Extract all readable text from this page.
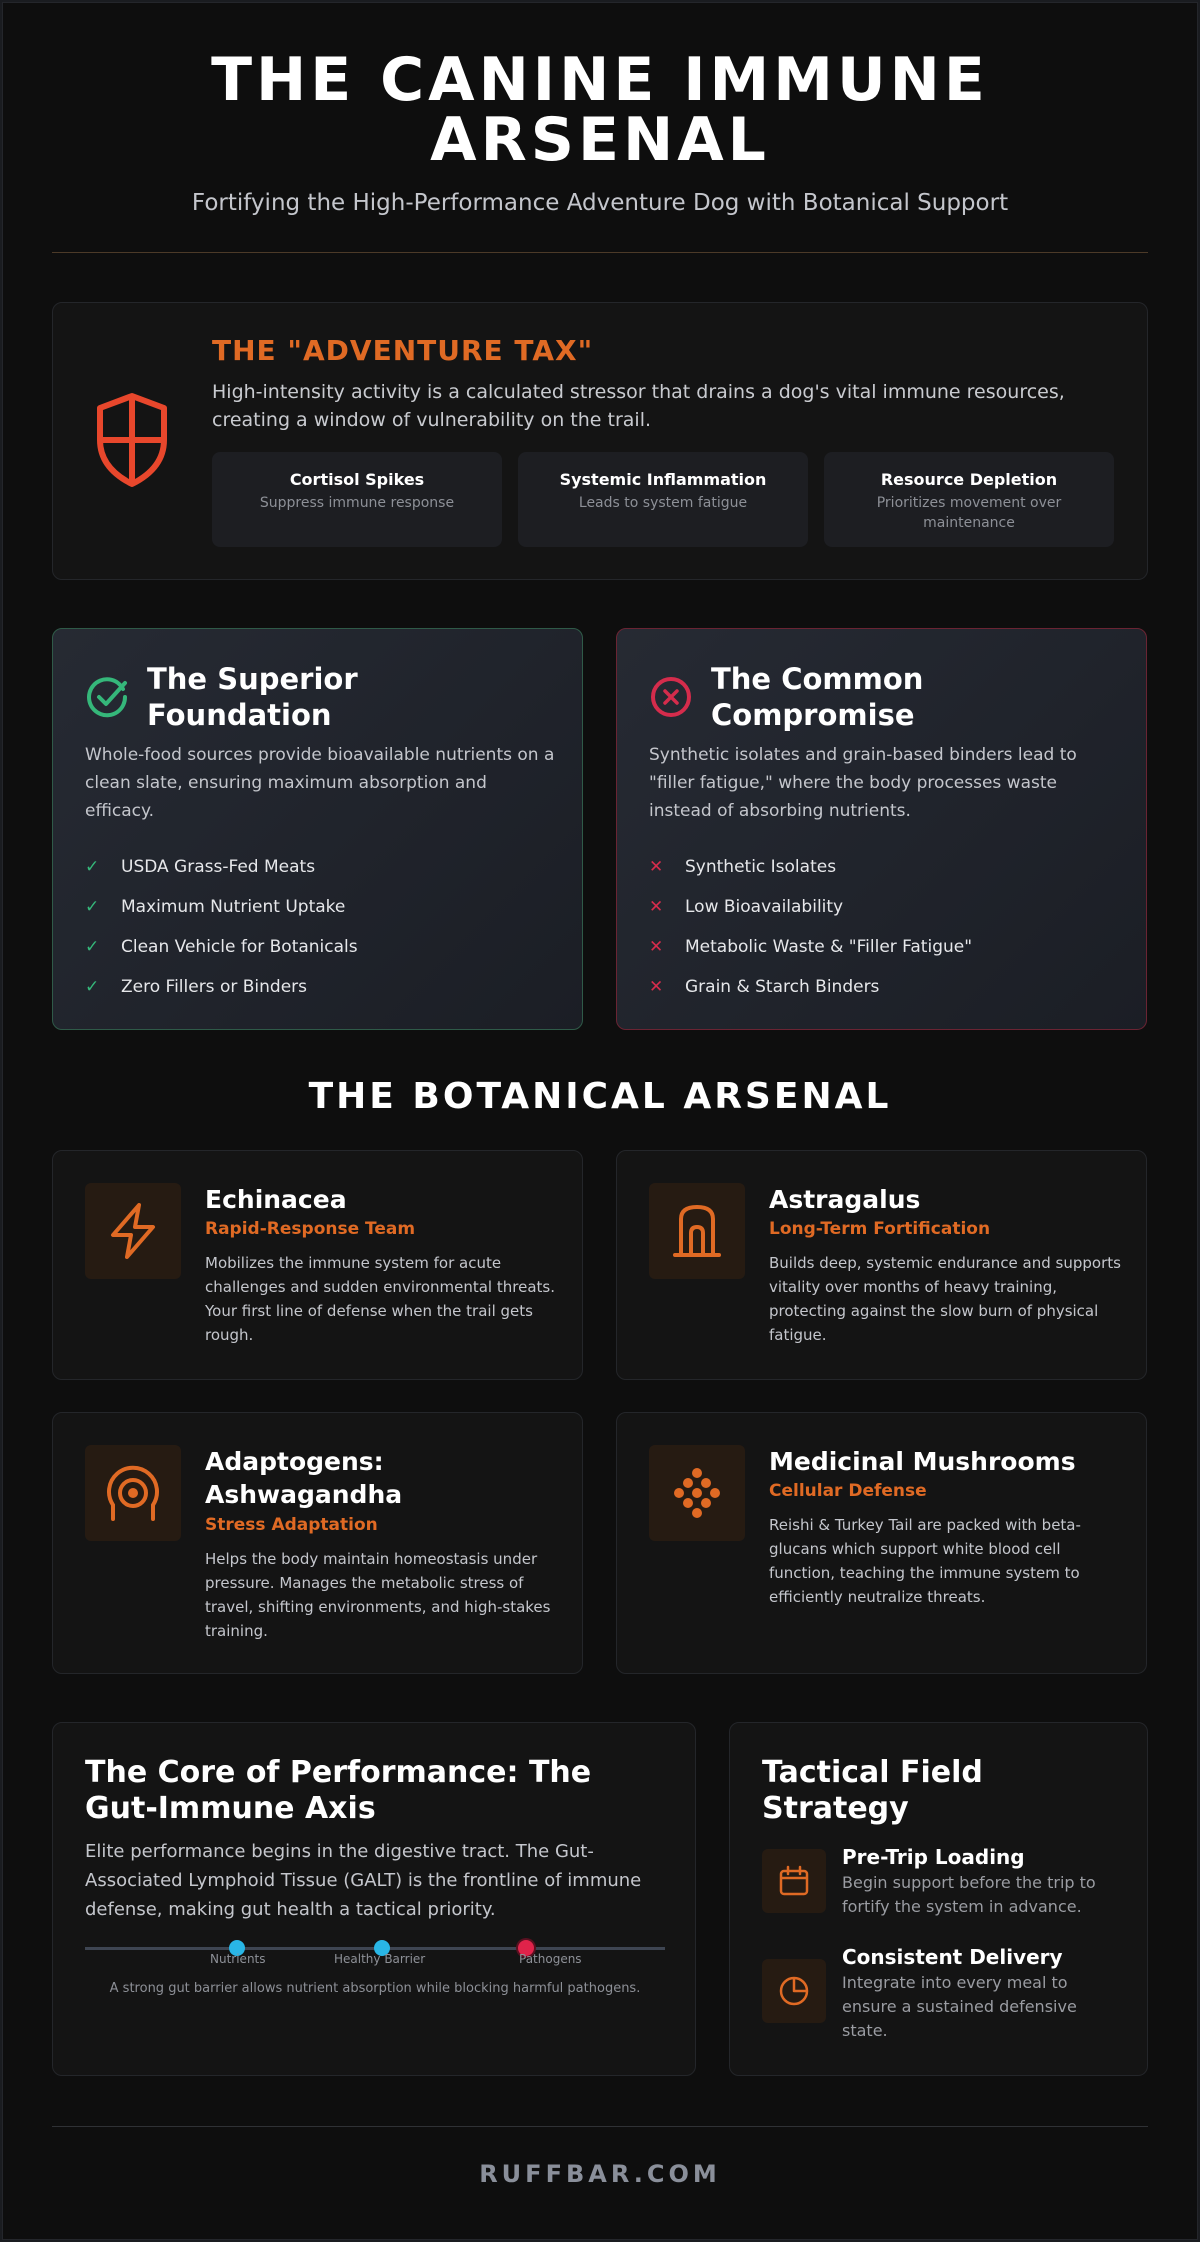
THE CANINE IMMUNE
ARSENAL
Fortifying the High-Performance Adventure Dog with Botanical Support
THE "ADVENTURE TAX"
High-intensity activity is a calculated stressor that drains a dog's vital immune resources, creating a window of vulnerability on the trail.
Cortisol Spikes
Suppress immune response
Systemic Inflammation
Leads to system fatigue
Resource Depletion
Prioritizes movement over maintenance
The Superior Foundation
Whole-food sources provide bioavailable nutrients on a clean slate, ensuring maximum absorption and efficacy.
✓	USDA Grass-Fed Meats
✓	Maximum Nutrient Uptake
✓	Clean Vehicle for Botanicals
✓	Zero Fillers or Binders
The Common Compromise
Synthetic isolates and grain-based binders lead to "filler fatigue," where the body processes waste instead of absorbing nutrients.
✕	Synthetic Isolates
✕	Low Bioavailability
✕	Metabolic Waste & "Filler Fatigue"
✕	Grain & Starch Binders
THE BOTANICAL ARSENAL
Echinacea
Rapid-Response Team
Mobilizes the immune system for acute challenges and sudden environmental threats. Your first line of defense when the trail gets rough.
Astragalus
Long-Term Fortification
Builds deep, systemic endurance and supports vitality over months of heavy training, protecting against the slow burn of physical fatigue.
Adaptogens: Ashwagandha
Stress Adaptation
Helps the body maintain homeostasis under pressure. Manages the metabolic stress of travel, shifting environments, and high-stakes training.
Medicinal Mushrooms
Cellular Defense
Reishi & Turkey Tail are packed with beta-glucans which support white blood cell function, teaching the immune system to efficiently neutralize threats.
The Core of Performance: The Gut-Immune Axis
Elite performance begins in the digestive tract. The Gut-Associated Lymphoid Tissue (GALT) is the frontline of immune defense, making gut health a tactical priority.
Nutrients	Healthy Barrier	Pathogens
A strong gut barrier allows nutrient absorption while blocking harmful pathogens.
Tactical Field Strategy
Pre-Trip Loading
Begin support before the trip to fortify the system in advance.
Consistent Delivery
Integrate into every meal to ensure a sustained defensive state.
RUFFBAR.COM
